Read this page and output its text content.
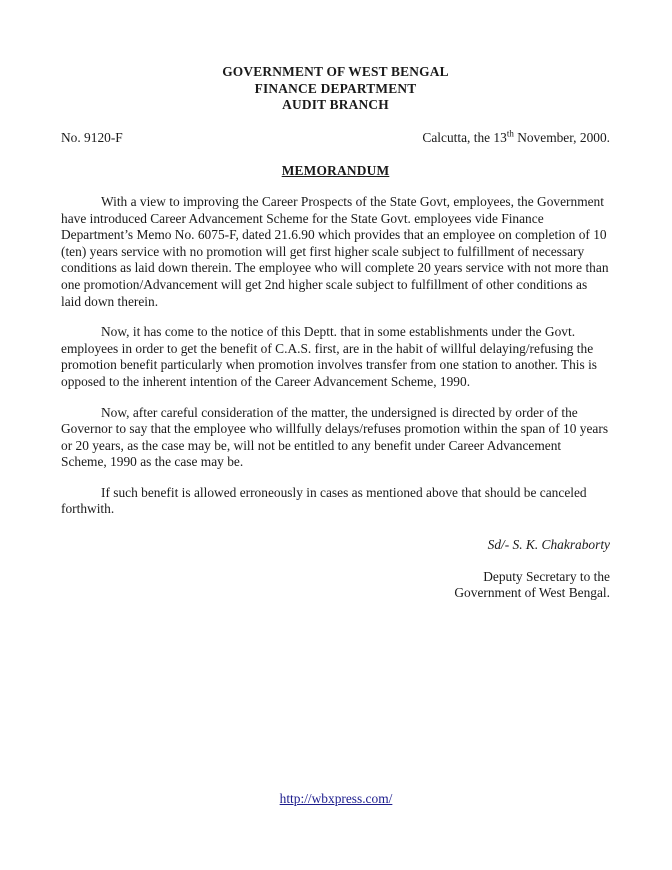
GOVERNMENT OF WEST BENGAL
FINANCE DEPARTMENT
AUDIT BRANCH
No. 9120-F	Calcutta, the 13th November, 2000.
MEMORANDUM

With a view to improving the Career Prospects of the State Govt, employees, the Government have introduced Career Advancement Scheme for the State Govt. employees vide Finance Department’s Memo No. 6075-F, dated 21.6.90 which provides that an employee on completion of 10 (ten) years service with no promotion will get first higher scale subject to fulfillment of necessary conditions as laid down therein. The employee who will complete 20 years service with not more than one promotion/Advancement will get 2nd higher scale subject to fulfillment of other conditions as laid down therein.

Now, it has come to the notice of this Deptt. that in some establishments under the Govt. employees in order to get the benefit of C.A.S. first, are in the habit of willful delaying/refusing the promotion benefit particularly when promotion involves transfer from one station to another. This is opposed to the inherent intention of the Career Advancement Scheme, 1990.

Now, after careful consideration of the matter, the undersigned is directed by order of the Governor to say that the employee who willfully delays/refuses promotion within the span of 10 years or 20 years, as the case may be, will not be entitled to any benefit under Career Advancement Scheme, 1990 as the case may be.

If such benefit is allowed erroneously in cases as mentioned above that should be canceled forthwith.

Sd/- S. K. Chakraborty
Deputy Secretary to the
Government of West Bengal.
http://wbxpress.com/
